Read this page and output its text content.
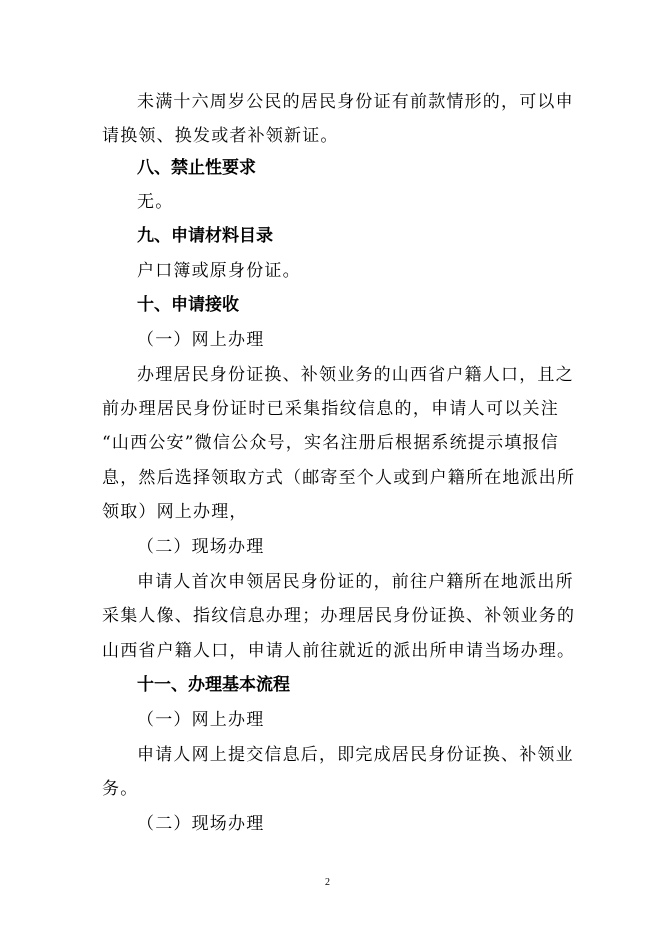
未满十六周岁公民的居民身份证有前款情形的，可以申
请换领、换发或者补领新证。
八、禁止性要求
无。
九、申请材料目录
户口簿或原身份证。
十、申请接收
（一）网上办理
办理居民身份证换、补领业务的山西省户籍人口，且之
前办理居民身份证时已采集指纹信息的，申请人可以关注
“山西公安”微信公众号，实名注册后根据系统提示填报信
息，然后选择领取方式（邮寄至个人或到户籍所在地派出所
领取）网上办理，
（二）现场办理
申请人首次申领居民身份证的，前往户籍所在地派出所
采集人像、指纹信息办理；办理居民身份证换、补领业务的
山西省户籍人口，申请人前往就近的派出所申请当场办理。
十一、办理基本流程
（一）网上办理
申请人网上提交信息后，即完成居民身份证换、补领业
务。
（二）现场办理
2
